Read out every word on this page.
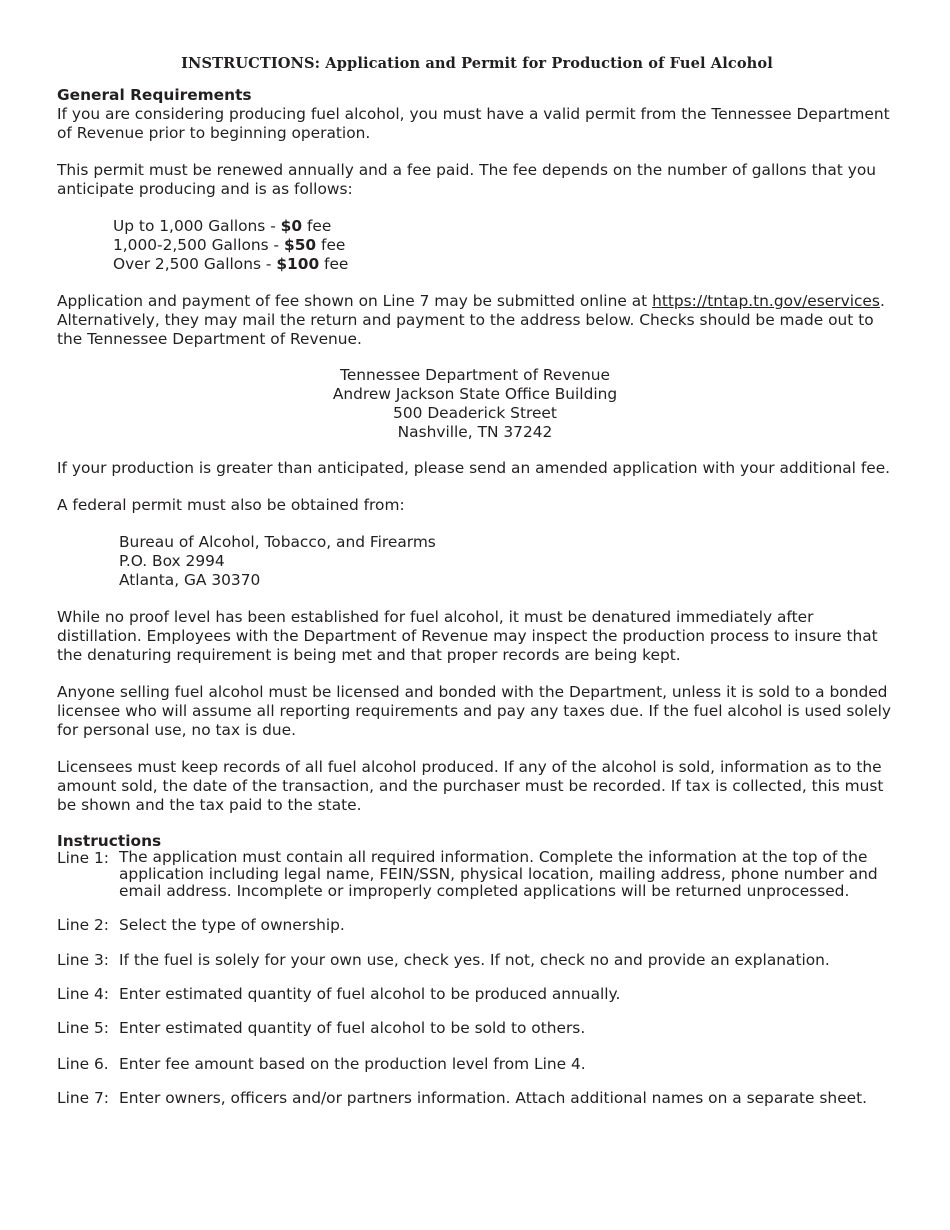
INSTRUCTIONS: Application and Permit for Production of Fuel Alcohol
General Requirements
If you are considering producing fuel alcohol, you must have a valid permit from the Tennessee Department of Revenue prior to beginning operation.
This permit must be renewed annually and a fee paid. The fee depends on the number of gallons that you anticipate producing and is as follows:
Up to 1,000 Gallons - $0 fee
1,000-2,500 Gallons - $50 fee
Over 2,500 Gallons - $100 fee
Application and payment of fee shown on Line 7 may be submitted online at https://tntap.tn.gov/eservices. Alternatively, they may mail the return and payment to the address below. Checks should be made out to the Tennessee Department of Revenue.
Tennessee Department of Revenue
Andrew Jackson State Office Building
500 Deaderick Street
Nashville, TN 37242
If your production is greater than anticipated, please send an amended application with your additional fee.
A federal permit must also be obtained from:
Bureau of Alcohol, Tobacco, and Firearms
P.O. Box 2994
Atlanta, GA 30370
While no proof level has been established for fuel alcohol, it must be denatured immediately after distillation. Employees with the Department of Revenue may inspect the production process to insure that the denaturing requirement is being met and that proper records are being kept.
Anyone selling fuel alcohol must be licensed and bonded with the Department, unless it is sold to a bonded licensee who will assume all reporting requirements and pay any taxes due. If the fuel alcohol is used solely for personal use, no tax is due.
Licensees must keep records of all fuel alcohol produced. If any of the alcohol is sold, information as to the amount sold, the date of the transaction, and the purchaser must be recorded. If tax is collected, this must be shown and the tax paid to the state.
Instructions
Line 1: The application must contain all required information. Complete the information at the top of the application including legal name, FEIN/SSN, physical location, mailing address, phone number and email address. Incomplete or improperly completed applications will be returned unprocessed.
Line 2: Select the type of ownership.
Line 3: If the fuel is solely for your own use, check yes. If not, check no and provide an explanation.
Line 4: Enter estimated quantity of fuel alcohol to be produced annually.
Line 5: Enter estimated quantity of fuel alcohol to be sold to others.
Line 6. Enter fee amount based on the production level from Line 4.
Line 7: Enter owners, officers and/or partners information. Attach additional names on a separate sheet.
